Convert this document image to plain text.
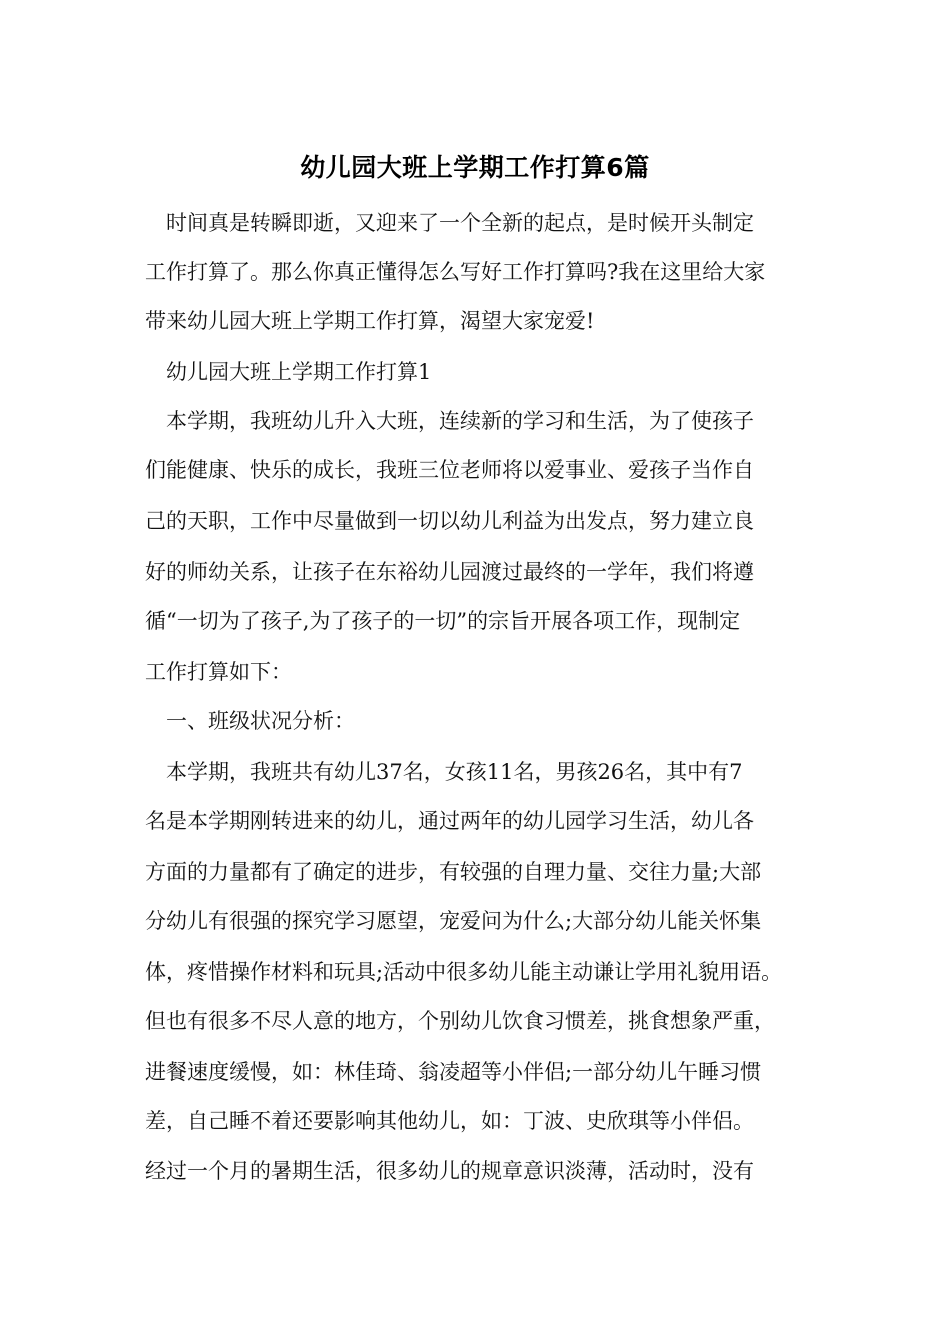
幼儿园大班上学期工作打算6篇
时间真是转瞬即逝，又迎来了一个全新的起点，是时候开头制定
工作打算了。那么你真正懂得怎么写好工作打算吗?我在这里给大家
带来幼儿园大班上学期工作打算，渴望大家宠爱!
幼儿园大班上学期工作打算1
本学期，我班幼儿升入大班，连续新的学习和生活，为了使孩子
们能健康、快乐的成长，我班三位老师将以爱事业、爱孩子当作自
己的天职，工作中尽量做到一切以幼儿利益为出发点，努力建立良
好的师幼关系，让孩子在东裕幼儿园渡过最终的一学年，我们将遵
循“一切为了孩子,为了孩子的一切”的宗旨开展各项工作，现制定
工作打算如下：
一、班级状况分析：
本学期，我班共有幼儿37名，女孩11名，男孩26名，其中有7
名是本学期刚转进来的幼儿，通过两年的幼儿园学习生活，幼儿各
方面的力量都有了确定的进步，有较强的自理力量、交往力量;大部
分幼儿有很强的探究学习愿望，宠爱问为什么;大部分幼儿能关怀集
体，疼惜操作材料和玩具;活动中很多幼儿能主动谦让学用礼貌用语。
但也有很多不尽人意的地方，个别幼儿饮食习惯差，挑食想象严重，
进餐速度缓慢，如：林佳琦、翁凌超等小伴侣;一部分幼儿午睡习惯
差，自己睡不着还要影响其他幼儿，如：丁波、史欣琪等小伴侣。
经过一个月的暑期生活，很多幼儿的规章意识淡薄，活动时，没有
